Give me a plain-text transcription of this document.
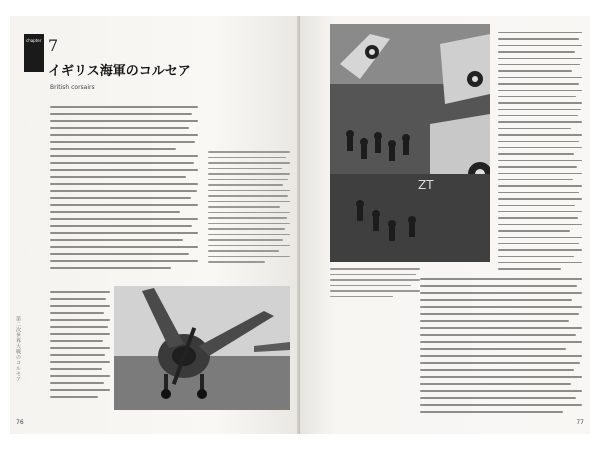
第二次世界大戦のコルセア
chapter 7
イギリス海軍のコルセア
British corsairs
76
ZT
77
